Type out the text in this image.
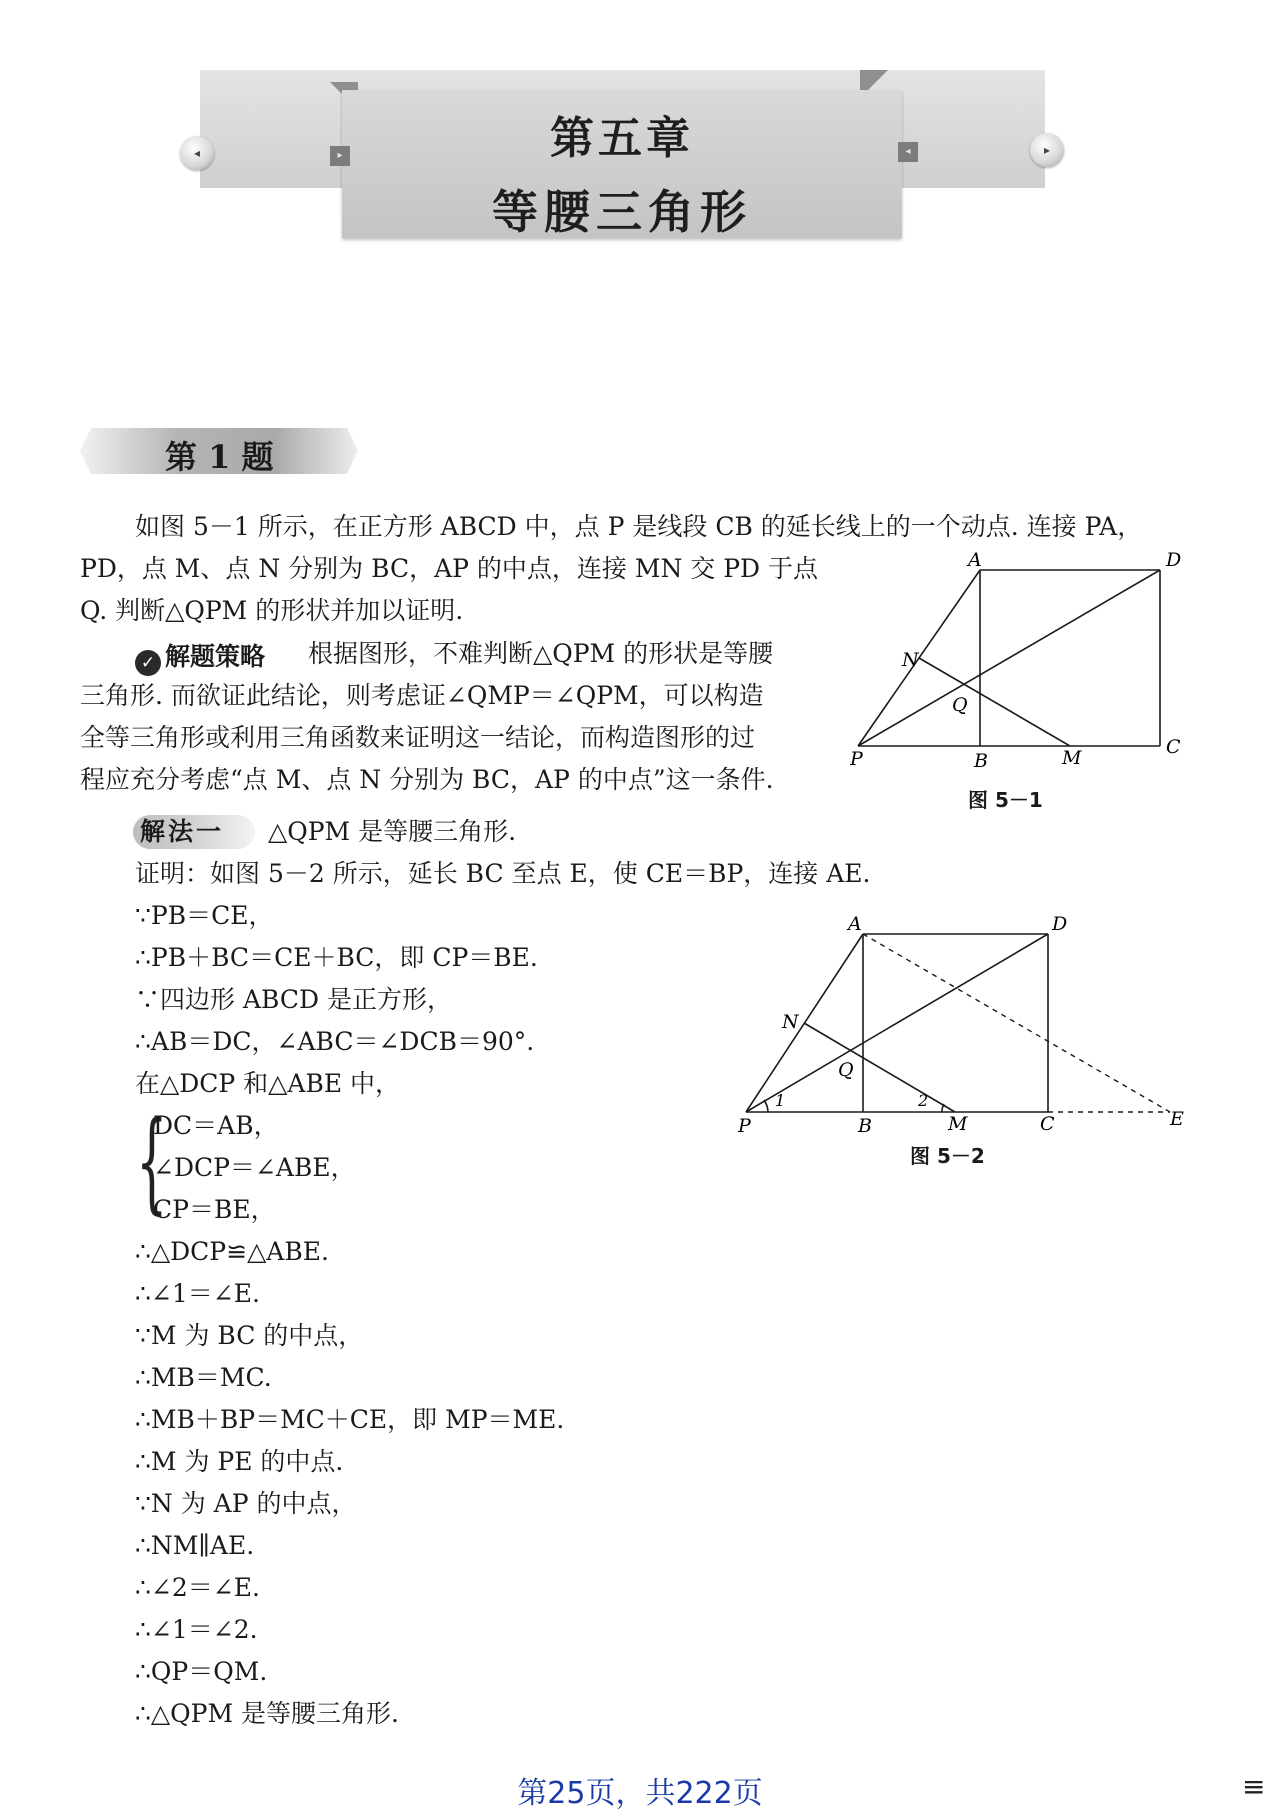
第五章
等腰三角形
◂	▸	◂	▸
第 1 题
如图 5－1 所示，在正方形 ABCD 中，点 P 是线段 CB 的延长线上的一个动点. 连接 PA，
PD，点 M、点 N 分别为 BC，AP 的中点，连接 MN 交 PD 于点
Q. 判断△QPM 的形状并加以证明.
✓ 解题策略 根据图形，不难判断△QPM 的形状是等腰
三角形. 而欲证此结论，则考虑证∠QMP＝∠QPM，可以构造
全等三角形或利用三角函数来证明这一结论，而构造图形的过
程应充分考虑“点 M、点 N 分别为 BC，AP 的中点”这一条件.
A	D
N
Q
P	B	M	C
图 5－1
解法一 △QPM 是等腰三角形.
证明：如图 5－2 所示，延长 BC 至点 E，使 CE＝BP，连接 AE.
∵PB＝CE，
∴PB＋BC＝CE＋BC，即 CP＝BE.
∵四边形 ABCD 是正方形，
∴AB＝DC，∠ABC＝∠DCB＝90°.
在△DCP 和△ABE 中，
{
DC＝AB，
∠DCP＝∠ABE，
CP＝BE，
∴△DCP≌△ABE.
∴∠1＝∠E.
∵M 为 BC 的中点，
∴MB＝MC.
∴MB＋BP＝MC＋CE，即 MP＝ME.
∴M 为 PE 的中点.
∵N 为 AP 的中点，
∴NM∥AE.
∴∠2＝∠E.
∴∠1＝∠2.
∴QP＝QM.
∴△QPM 是等腰三角形.
A	D
N
Q
P
1
B
2
M	C	E
图 5－2
第25页，共222页	≡
